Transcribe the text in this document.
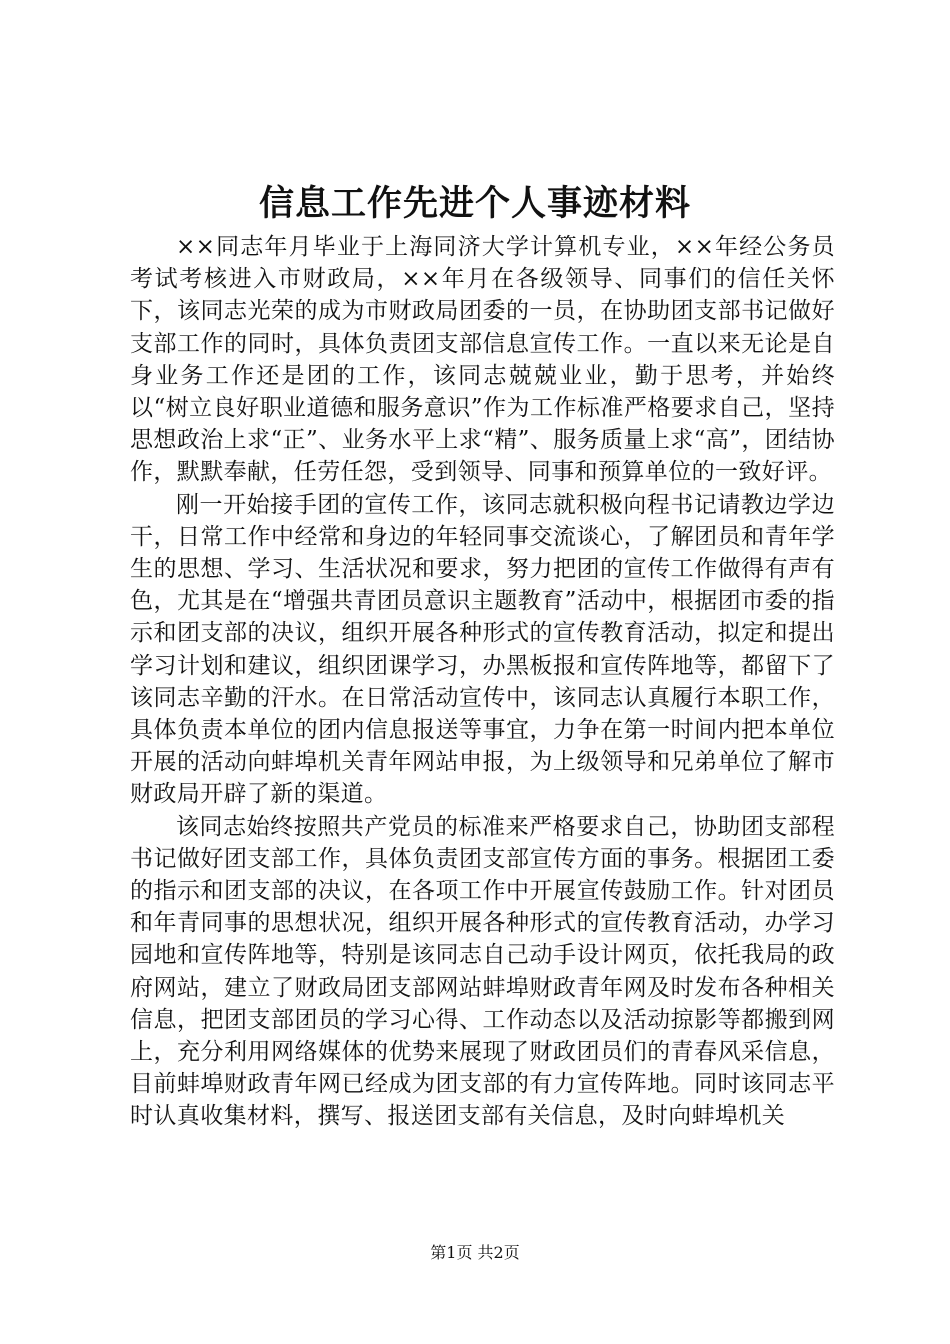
信息工作先进个人事迹材料

××同志年月毕业于上海同济大学计算机专业，××年经公务员考试考核进入市财政局，××年月在各级领导、同事们的信任关怀下，该同志光荣的成为市财政局团委的一员，在协助团支部书记做好支部工作的同时，具体负责团支部信息宣传工作。一直以来无论是自身业务工作还是团的工作，该同志兢兢业业，勤于思考，并始终以“树立良好职业道德和服务意识”作为工作标准严格要求自己，坚持思想政治上求“正”、业务水平上求“精”、服务质量上求“高”，团结协作，默默奉献，任劳任怨，受到领导、同事和预算单位的一致好评。

刚一开始接手团的宣传工作，该同志就积极向程书记请教边学边干，日常工作中经常和身边的年轻同事交流谈心，了解团员和青年学生的思想、学习、生活状况和要求，努力把团的宣传工作做得有声有色，尤其是在“增强共青团员意识主题教育”活动中，根据团市委的指示和团支部的决议，组织开展各种形式的宣传教育活动，拟定和提出学习计划和建议，组织团课学习，办黑板报和宣传阵地等，都留下了该同志辛勤的汗水。在日常活动宣传中，该同志认真履行本职工作，具体负责本单位的团内信息报送等事宜，力争在第一时间内把本单位开展的活动向蚌埠机关青年网站申报，为上级领导和兄弟单位了解市财政局开辟了新的渠道。

该同志始终按照共产党员的标准来严格要求自己，协助团支部程书记做好团支部工作，具体负责团支部宣传方面的事务。根据团工委的指示和团支部的决议，在各项工作中开展宣传鼓励工作。针对团员和年青同事的思想状况，组织开展各种形式的宣传教育活动，办学习园地和宣传阵地等，特别是该同志自己动手设计网页，依托我局的政府网站，建立了财政局团支部网站蚌埠财政青年网及时发布各种相关信息，把团支部团员的学习心得、工作动态以及活动掠影等都搬到网上，充分利用网络媒体的优势来展现了财政团员们的青春风采信息，目前蚌埠财政青年网已经成为团支部的有力宣传阵地。同时该同志平时认真收集材料，撰写、报送团支部有关信息，及时向蚌埠机关

第1页 共2页
